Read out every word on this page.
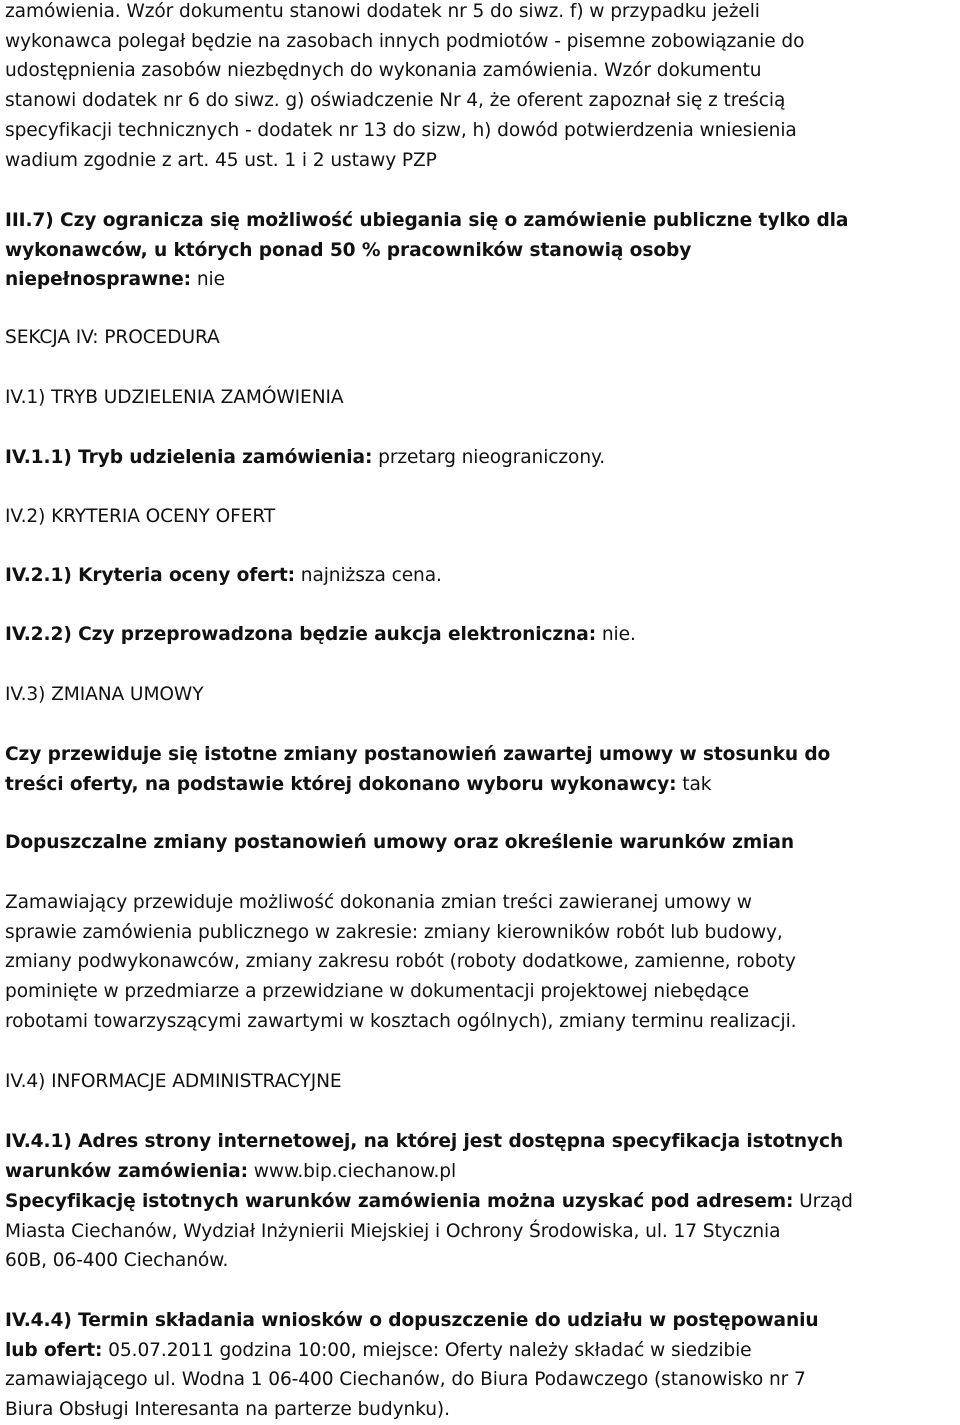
zamówienia. Wzór dokumentu stanowi dodatek nr 5 do siwz. f) w przypadku jeżeli
wykonawca polegał będzie na zasobach innych podmiotów - pisemne zobowiązanie do
udostępnienia zasobów niezbędnych do wykonania zamówienia. Wzór dokumentu
stanowi dodatek nr 6 do siwz. g) oświadczenie Nr 4, że oferent zapoznał się z treścią
specyfikacji technicznych - dodatek nr 13 do sizw, h) dowód potwierdzenia wniesienia
wadium zgodnie z art. 45 ust. 1 i 2 ustawy PZP
III.7) Czy ogranicza się możliwość ubiegania się o zamówienie publiczne tylko dla
wykonawców, u których ponad 50 % pracowników stanowią osoby
niepełnosprawne: nie
SEKCJA IV: PROCEDURA
IV.1) TRYB UDZIELENIA ZAMÓWIENIA
IV.1.1) Tryb udzielenia zamówienia: przetarg nieograniczony.
IV.2) KRYTERIA OCENY OFERT
IV.2.1) Kryteria oceny ofert: najniższa cena.
IV.2.2) Czy przeprowadzona będzie aukcja elektroniczna: nie.
IV.3) ZMIANA UMOWY
Czy przewiduje się istotne zmiany postanowień zawartej umowy w stosunku do
treści oferty, na podstawie której dokonano wyboru wykonawcy: tak
Dopuszczalne zmiany postanowień umowy oraz określenie warunków zmian
Zamawiający przewiduje możliwość dokonania zmian treści zawieranej umowy w
sprawie zamówienia publicznego w zakresie: zmiany kierowników robót lub budowy,
zmiany podwykonawców, zmiany zakresu robót (roboty dodatkowe, zamienne, roboty
pominięte w przedmiarze a przewidziane w dokumentacji projektowej niebędące
robotami towarzyszącymi zawartymi w kosztach ogólnych), zmiany terminu realizacji.
IV.4) INFORMACJE ADMINISTRACYJNE
IV.4.1) Adres strony internetowej, na której jest dostępna specyfikacja istotnych
warunków zamówienia: www.bip.ciechanow.pl
Specyfikację istotnych warunków zamówienia można uzyskać pod adresem: Urząd
Miasta Ciechanów, Wydział Inżynierii Miejskiej i Ochrony Środowiska, ul. 17 Stycznia
60B, 06-400 Ciechanów.
IV.4.4) Termin składania wniosków o dopuszczenie do udziału w postępowaniu
lub ofert: 05.07.2011 godzina 10:00, miejsce: Oferty należy składać w siedzibie
zamawiającego ul. Wodna 1 06-400 Ciechanów, do Biura Podawczego (stanowisko nr 7
Biura Obsługi Interesanta na parterze budynku).
